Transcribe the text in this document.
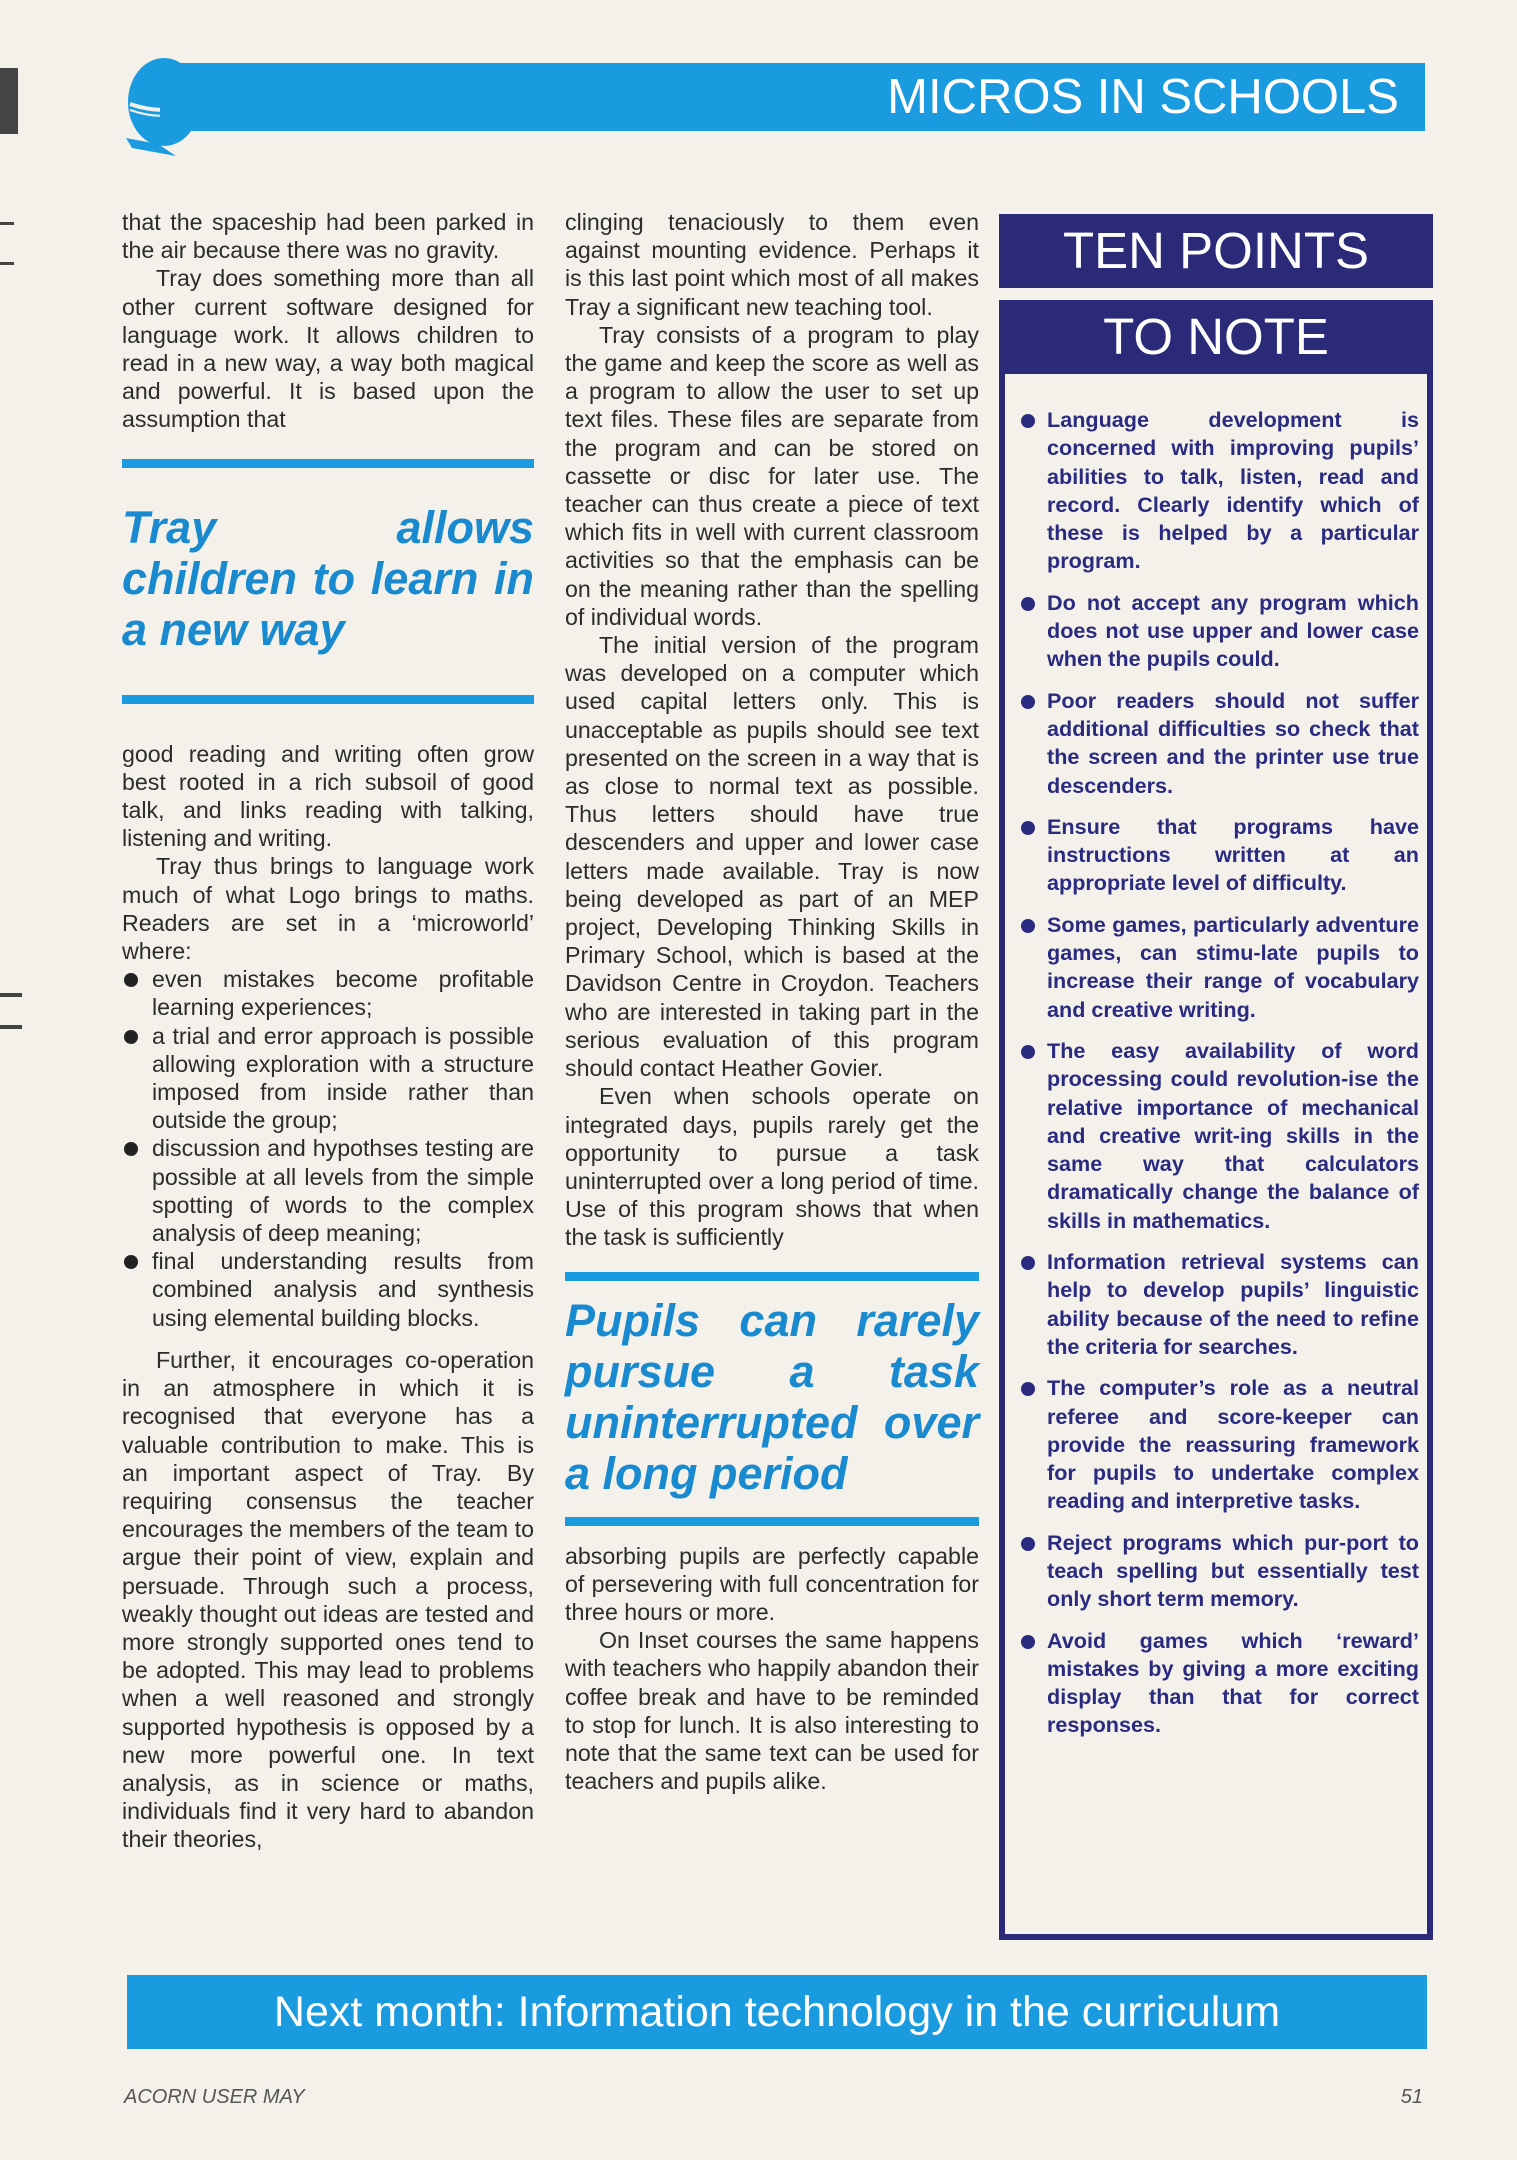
MICROS IN SCHOOLS

that the spaceship had been parked in the air because there was no gravity.

Tray does something more than all other current software designed for language work. It allows children to read in a new way, a way both magical and powerful. It is based upon the assumption that

Tray allows children to learn in a new way

good reading and writing often grow best rooted in a rich subsoil of good talk, and links reading with talking, listening and writing.

Tray thus brings to language work much of what Logo brings to maths. Readers are set in a ‘microworld’ where:

even mistakes become profitable learning experiences;
a trial and error approach is possible allowing exploration with a structure imposed from inside rather than outside the group;
discussion and hypothses testing are possible at all levels from the simple spotting of words to the complex analysis of deep meaning;
final understanding results from combined analysis and synthesis using elemental building blocks.

Further, it encourages co-operation in an atmosphere in which it is recognised that everyone has a valuable contribution to make. This is an important aspect of Tray. By requiring consensus the teacher encourages the members of the team to argue their point of view, explain and persuade. Through such a process, weakly thought out ideas are tested and more strongly supported ones tend to be adopted. This may lead to problems when a well reasoned and strongly supported hypothesis is opposed by a new more powerful one. In text analysis, as in science or maths, individuals find it very hard to abandon their theories,

clinging tenaciously to them even against mounting evidence. Perhaps it is this last point which most of all makes Tray a significant new teaching tool.

Tray consists of a program to play the game and keep the score as well as a program to allow the user to set up text files. These files are separate from the program and can be stored on cassette or disc for later use. The teacher can thus create a piece of text which fits in well with current classroom activities so that the emphasis can be on the meaning rather than the spelling of individual words.

The initial version of the program was developed on a computer which used capital letters only. This is unacceptable as pupils should see text presented on the screen in a way that is as close to normal text as possible. Thus letters should have true descenders and upper and lower case letters made available. Tray is now being developed as part of an MEP project, Developing Thinking Skills in Primary School, which is based at the Davidson Centre in Croydon. Teachers who are interested in taking part in the serious evaluation of this program should contact Heather Govier.

Even when schools operate on integrated days, pupils rarely get the opportunity to pursue a task uninterrupted over a long period of time. Use of this program shows that when the task is sufficiently

Pupils can rarely pursue a task uninterrupted over a long period

absorbing pupils are perfectly capable of persevering with full concentration for three hours or more.

On Inset courses the same happens with teachers who happily abandon their coffee break and have to be reminded to stop for lunch. It is also interesting to note that the same text can be used for teachers and pupils alike.

TEN POINTS
TO NOTE
Language development is concerned with improving pupils’ abilities to talk, listen, read and record. Clearly identify which of these is helped by a particular program.
Do not accept any program which does not use upper and lower case when the pupils could.
Poor readers should not suffer additional difficulties so check that the screen and the printer use true descenders.
Ensure that programs have instructions written at an appropriate level of difficulty.
Some games, particularly adventure games, can stimu-late pupils to increase their range of vocabulary and creative writing.
The easy availability of word processing could revolution-ise the relative importance of mechanical and creative writ-ing skills in the same way that calculators dramatically change the balance of skills in mathematics.
Information retrieval systems can help to develop pupils’ linguistic ability because of the need to refine the criteria for searches.
The computer’s role as a neutral referee and score-keeper can provide the reassuring framework for pupils to undertake complex reading and interpretive tasks.
Reject programs which pur-port to teach spelling but essentially test only short term memory.
Avoid games which ‘reward’ mistakes by giving a more exciting display than that for correct responses.
Next month: Information technology in the curriculum
ACORN USER MAY	51
